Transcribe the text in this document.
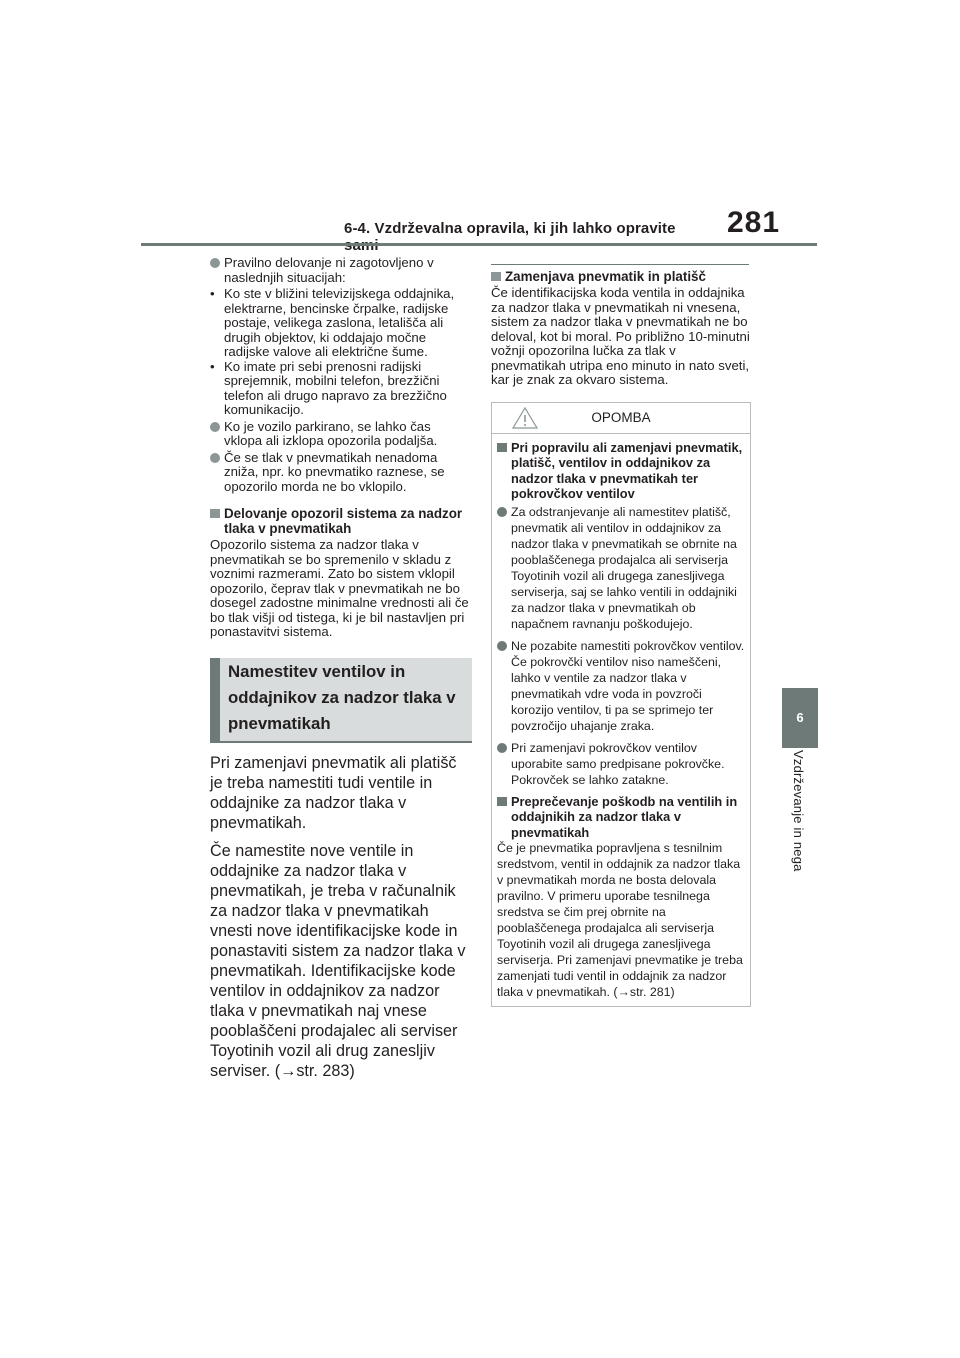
6-4. Vzdrževalna opravila, ki jih lahko opravite	281
6
Vzdrževanje in nega
Pravilno delovanje ni zagotovljeno v naslednjih situacijah:
• Ko ste v bližini televizijskega oddajnika, elektrarne, bencinske črpalke, radijske postaje, velikega zaslona, letališča ali drugih objektov, ki oddajajo močne radijske valove ali električne šume.
• Ko imate pri sebi prenosni radijski sprejemnik, mobilni telefon, brezžični telefon ali drugo napravo za brezžično komunikacijo.
Ko je vozilo parkirano, se lahko čas vklopa ali izklopa opozorila podaljša.
Če se tlak v pnevmatikah nenadoma zniža, npr. ko pnevmatiko raznese, se opozorilo morda ne bo vklopilo.
Delovanje opozoril sistema za nadzor tlaka v pnevmatikah
Opozorilo sistema za nadzor tlaka v pnevmatikah se bo spremenilo v skladu z voznimi razmerami. Zato bo sistem vklopil opozorilo, čeprav tlak v pnevmatikah ne bo dosegel zadostne minimalne vrednosti ali če bo tlak višji od tistega, ki je bil nastavljen pri ponastavitvi sistema.
Namestitev ventilov in oddajnikov za nadzor tlaka v pnevmatikah
Pri zamenjavi pnevmatik ali platišč je treba namestiti tudi ventile in oddajnike za nadzor tlaka v pnevmatikah.
Če namestite nove ventile in oddajnike za nadzor tlaka v pnevmatikah, je treba v računalnik za nadzor tlaka v pnevmatikah vnesti nove identifikacijske kode in ponastaviti sistem za nadzor tlaka v pnevmatikah. Identifikacijske kode ventilov in oddajnikov za nadzor tlaka v pnevmatikah naj vnese pooblaščeni prodajalec ali serviser Toyotinih vozil ali drug zanesljiv serviser. (→str. 283)
Zamenjava pnevmatik in platišč
Če identifikacijska koda ventila in oddajnika za nadzor tlaka v pnevmatikah ni vnesena, sistem za nadzor tlaka v pnevmatikah ne bo deloval, kot bi moral. Po približno 10-minutni vožnji opozorilna lučka za tlak v pnevmatikah utripa eno minuto in nato sveti, kar je znak za okvaro sistema.
OPOMBA
Pri popravilu ali zamenjavi pnevmatik, platišč, ventilov in oddajnikov za nadzor tlaka v pnevmatikah ter pokrovčkov ventilov
Za odstranjevanje ali namestitev platišč, pnevmatik ali ventilov in oddajnikov za nadzor tlaka v pnevmatikah se obrnite na pooblaščenega prodajalca ali serviserja Toyotinih vozil ali drugega zanesljivega serviserja, saj se lahko ventili in oddajniki za nadzor tlaka v pnevmatikah ob napačnem ravnanju poškodujejo.
Ne pozabite namestiti pokrovčkov ventilov. Če pokrovčki ventilov niso nameščeni, lahko v ventile za nadzor tlaka v pnevmatikah vdre voda in povzroči korozijo ventilov, ti pa se sprimejo ter povzročijo uhajanje zraka.
Pri zamenjavi pokrovčkov ventilov uporabite samo predpisane pokrovčke. Pokrovček se lahko zatakne.
Preprečevanje poškodb na ventilih in oddajnikih za nadzor tlaka v pnevmatikah
Če je pnevmatika popravljena s tesnilnim sredstvom, ventil in oddajnik za nadzor tlaka v pnevmatikah morda ne bosta delovala pravilno. V primeru uporabe tesnilnega sredstva se čim prej obrnite na pooblaščenega prodajalca ali serviserja Toyotinih vozil ali drugega zanesljivega serviserja. Pri zamenjavi pnevmatike je treba zamenjati tudi ventil in oddajnik za nadzor tlaka v pnevmatikah. (→str. 281)
